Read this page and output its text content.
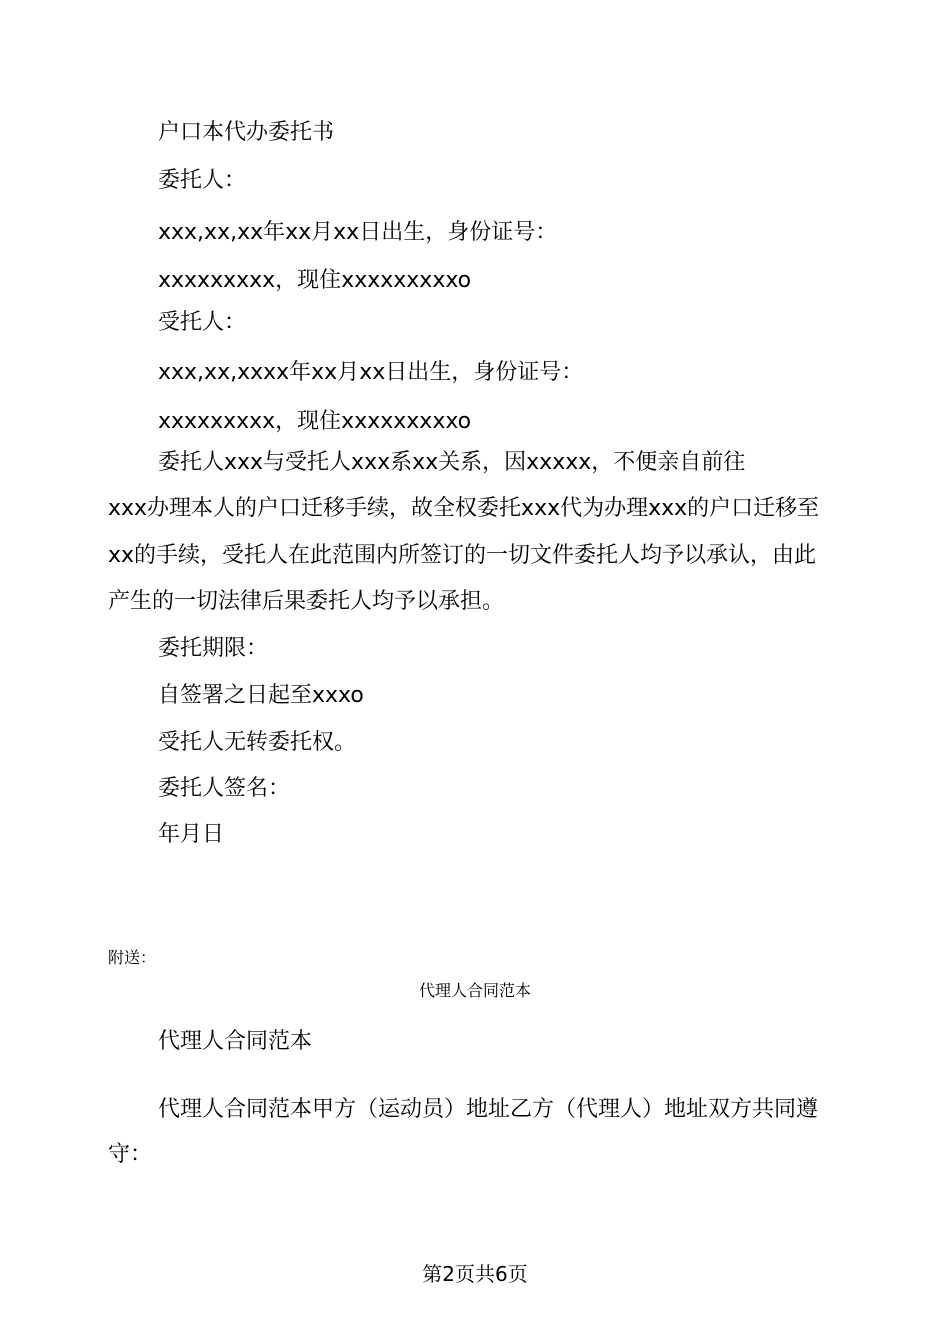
户口本代办委托书
委托人：
xxx,xx,xx年xx月xx日出生，身份证号：
xxxxxxxxx，现住xxxxxxxxxo
受托人：
xxx,xx,xxxx年xx月xx日出生，身份证号：
xxxxxxxxx，现住xxxxxxxxxo
委托人xxx与受托人xxx系xx关系，因xxxxx，不便亲自前往
xxx办理本人的户口迁移手续，故全权委托xxx代为办理xxx的户口迁移至
xx的手续，受托人在此范围内所签订的一切文件委托人均予以承认，由此
产生的一切法律后果委托人均予以承担。
委托期限：
自签署之日起至xxxo
受托人无转委托权。
委托人签名：
年月日
附送：
代理人合同范本
代理人合同范本
代理人合同范本甲方（运动员）地址乙方（代理人）地址双方共同遵
守：
第2页共6页
